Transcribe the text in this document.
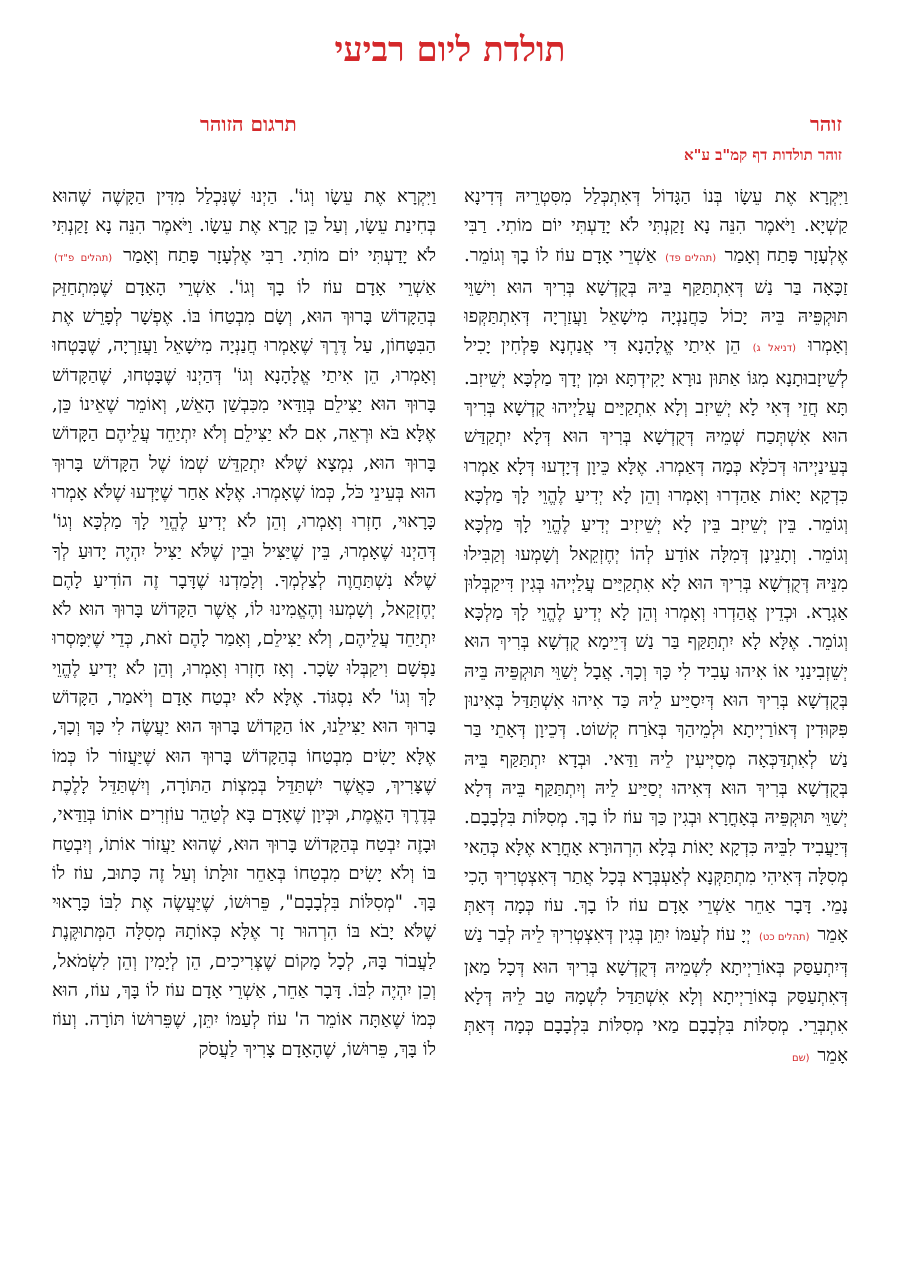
תולדת ליום רביעי
זוהר
תרגום הזוהר
זוהר תולדות דף קמ"ב ע"א

וַיִּקְרָא אֶת עֵשָׂו בְּנוֹ הַגָּדוֹל דְּאִתְכְּלַל מִסִּטְרֵיהּ דְּדִינָא קַשְׁיָא. וַיֹּאמֶר הִנֵּה נָא זָקַנְתִּי לֹא יָדַעְתִּי יוֹם מוֹתִי. רַבִּי אֶלְעָזָר פָּתַח וְאָמַר (תהלים פד) אַשְׁרֵי אָדָם עוֹז לוֹ בָךְ וְגוֹמֵר. זַכָּאָה בַּר נַשׁ דְּאִתְתַּקַּף בֵּיהּ בְּקֻדְשָׁא בְּרִיךְ הוּא וִישַׁוֵּי תּוּקְפֵּיהּ בֵּיהּ יָכוֹל כַּחֲנַנְיָה מִישָׁאֵל וַעֲזַרְיָה דְּאִתְתַּקְּפוּ וְאָמְרוּ (דניאל ג) הֵן אִיתַי אֱלָהָנָא דִּי אֲנַחְנָא פָּלְחִין יָכִיל לְשֵׁיזָבוּתָנָא מִגּוֹ אַתּוּן נוּרָא יָקִידְתָּא וּמִן יְדָךְ מַלְכָּא יְשֵׁיזִב. תָּא חֲזֵי דְּאִי לָא יְשֵׁיזִב וְלָא אִתְקַיַּים עֲלַיְיהוּ קֻדְשָׁא בְּרִיךְ הוּא אִשְׁתְּכַח שְׁמֵיהּ דְּקֻדְשָׁא בְּרִיךְ הוּא דְּלָא יִתְקַדַּשׁ בְּעֵינַיְיהוּ דְּכֹלָּא כְּמָה דְּאַמְרוּ. אֶלָּא כֵּיוָן דְּיָדְעוּ דְּלָא אַמְרוּ כִּדְקָא יָאוֹת אַהַדְרוּ וְאָמְרוּ וְהֵן לָא יְדִיעַ לֶהֱוֵי לָךְ מַלְכָּא וְגוֹמֵר. בֵּין יְשֵׁיזִב בֵּין לָא יְשֵׁיזִיב יְדִיעַ לֶהֱוֵי לָךְ מַלְכָּא וְגוֹמֵר. וְתָנֵינָן דְּמִלָּה אוֹדַע לְהוֹ יְחֶזְקֵאל וְשָׁמְעוּ וְקַבִּילוּ מִנֵּיהּ דְּקֻדְשָׁא בְּרִיךְ הוּא לָא אִתְקַיַּים עֲלַיְיהוּ בְּגִין דִּיקַבְּלוּן אַגְרָא. וּכְדֵין אֲהַדְרוּ וְאָמְרוּ וְהֵן לָא יְדִיעַ לֶהֱוֵי לָךְ מַלְכָּא וְגוֹמֵר. אֶלָּא לָא יִתְתַּקַּף בַּר נַשׁ דְּיֵימָא קֻדְשָׁא בְּרִיךְ הוּא יְשֵׁזְבִינַנִי אוֹ אִיהוּ עָבִיד לִי כָּךְ וְכָךְ. אֲבָל יְשַׁוֵּי תּוּקְפֵּיהּ בֵּיהּ בְּקֻדְשָׁא בְּרִיךְ הוּא דְּיִסַיַּיע לֵיהּ כַּד אִיהוּ אִשְׁתַּדַּל בְּאִינוּן פִּקּוּדִין דְּאוֹרַיְיתָא וּלְמֵיהַךְ בְּאֹרַח קְשׁוֹט. דְּכֵיוָן דְּאָתֵי בַּר נַשׁ לְאִתְדַּכְּאָה מְסַיְּיעִין לֵיהּ וַדַּאי. וּבְדָא יִתְתַּקַּף בֵּיהּ בְּקֻדְשָׁא בְּרִיךְ הוּא דְּאִיהוּ יְסַיַּיע לֵיהּ וְיִתְתַּקַּף בֵּיהּ דְּלָא יְשַׁוֵּי תּוּקְפֵּיהּ בְּאָחֳרָא וּבְגִין כַּךְ עוֹז לוֹ בָךְ. מְסִלּוֹת בִּלְבָבָם. דְּיַעֲבִיד לִבֵּיהּ כִּדְקָא יָאוֹת בְּלָא הִרְהוּרָא אָחֳרָא אֶלָּא כְּהַאי מְסִלָּה דְּאִיהִי מִתְתַּקְּנָא לְאַעְבְּרָא בְּכָל אֲתַר דְּאִצְטְרִיךְ הָכִי נָמֵי. דָּבָר אַחֵר אַשְׁרֵי אָדָם עוֹז לוֹ בָךְ. עוֹז כְּמָה דְּאַתְּ אָמֵר (תהלים כט) יְיָ עוֹז לְעַמּוֹ יִתֵּן בְּגִין דְּאִצְטְרִיךְ לֵיהּ לְבַר נַשׁ דְּיִתְעַסַּק בְּאוֹרַיְיתָא לִשְׁמֵיהּ דְּקֻדְשָׁא בְּרִיךְ הוּא דְּכָל מַאן דְּאִתְעַסַּק בְּאוֹרַיְיתָא וְלָא אִשְׁתַּדַּל לִשְׁמָהּ טַב לֵיהּ דְּלָא אִתְבְּרֵי. מְסִלּוֹת בִּלְבָבָם מַאי מְסִלּוֹת בִּלְבָבָם כְּמָה דְּאַתְּ אָמֵר (שם

וַיִּקְרָא אֶת עֵשָׂו וְגוֹ'. הַיְנוּ שֶׁנִּכְלַל מִדִּין הַקָּשֶׁה שֶׁהוּא בְּחִינַת עֵשָׂו, וְעַל כֵּן קָרָא אֶת עֵשָׂו. וַיֹּאמֶר הִנֵּה נָא זָקַנְתִּי לֹא יָדַעְתִּי יוֹם מוֹתִי. רַבִּי אֶלְעָזָר פָּתַח וְאָמַר (תהלים פ"ד) אַשְׁרֵי אָדָם עוֹז לוֹ בָךְ וְגוֹ'. אַשְׁרֵי הָאָדָם שֶׁמִּתְחַזֵּק בְּהַקָּדוֹשׁ בָּרוּךְ הוּא, וְשָׂם מִבְטַחוֹ בּוֹ. אֶפְשָׁר לְפָרֵשׁ אֶת הַבִּטָּחוֹן, עַל דֶּרֶךְ שֶׁאָמְרוּ חֲנַנְיָה מִישָׁאֵל וַעֲזַרְיָה, שֶׁבָּטְחוּ וְאָמְרוּ, הֵן אִיתַי אֱלָהָנָא וְגוֹ' דְּהַיְנוּ שֶׁבָּטְחוּ, שֶׁהַקָּדוֹשׁ בָּרוּךְ הוּא יַצִּילֵם בְּוַדַּאי מִכִּבְשַׁן הָאֵשׁ, וְאוֹמֵר שֶׁאֵינוֹ כֵּן, אֶלָּא בֹּא וּרְאֵה, אִם לֹא יַצִּילֵם וְלֹא יִתְיַחֵד עֲלֵיהֶם הַקָּדוֹשׁ בָּרוּךְ הוּא, נִמְצָא שֶׁלֹּא יִתְקַדֵּשׁ שְׁמוֹ שֶׁל הַקָּדוֹשׁ בָּרוּךְ הוּא בְּעֵינֵי כֹּל, כְּמוֹ שֶׁאָמְרוּ. אֶלָּא אַחַר שֶׁיָּדְעוּ שֶׁלֹּא אָמְרוּ כָּרָאוּי, חָזְרוּ וְאָמְרוּ, וְהֵן לֹא יְדִיעַ לֶהֱוֵי לָךְ מַלְכָּא וְגוֹ' דְּהַיְנוּ שֶׁאָמְרוּ, בֵּין שֶׁיַּצִּיל וּבֵין שֶׁלֹּא יַצִּיל יִהְיֶה יָדוּעַ לְךָ שֶׁלֹּא נִשְׁתַּחֲוֶה לְצַלְמְךָ. וְלָמַדְנוּ שֶׁדָּבָר זֶה הוֹדִיעַ לָהֶם יְחֶזְקֵאל, וְשָׁמְעוּ וְהֶאֱמִינוּ לוֹ, אֲשֶׁר הַקָּדוֹשׁ בָּרוּךְ הוּא לֹא יִתְיַחֵד עֲלֵיהֶם, וְלֹא יַצִּילֵם, וְאָמַר לָהֶם זֹאת, כְּדֵי שֶׁיִּמָּסְרוּ נַפְשָׁם וִיקַבְּלוּ שָׂכָר. וְאָז חָזְרוּ וְאָמְרוּ, וְהֵן לֹא יְדִיעַ לֶהֱוֵי לָךְ וְגוֹ' לֹא נִסְגּוֹד. אֶלָּא לֹא יִבְטַח אָדָם וְיֹאמַר, הַקָּדוֹשׁ בָּרוּךְ הוּא יַצִּילֵנוּ, אוֹ הַקָּדוֹשׁ בָּרוּךְ הוּא יַעֲשֶׂה לִי כָּךְ וְכָךְ, אֶלָּא יָשִׂים מִבְטַחוֹ בְּהַקָּדוֹשׁ בָּרוּךְ הוּא שֶׁיַּעֲזוֹר לוֹ כְּמוֹ שֶׁצָּרִיךְ, כַּאֲשֶׁר יִשְׁתַּדֵּל בְּמִצְוֹת הַתּוֹרָה, וְיִשְׁתַּדֵּל לָלֶכֶת בְּדֶרֶךְ הָאֱמֶת, וּכְּיוָן שֶׁאָדָם בָּא לְטַהֵר עוֹזְרִים אוֹתוֹ בְּוַדַּאי, וּבָזֶה יִבְטַח בְּהַקָּדוֹשׁ בָּרוּךְ הוּא, שֶׁהוּא יַעֲזוֹר אוֹתוֹ, וְיִבְטַח בּוֹ וְלֹא יָשִׂים מִבְטַחוֹ בְּאַחֵר זוּלָתוֹ וְעַל זֶה כָּתוּב, עוֹז לוֹ בָּךְ. "מְסִלּוֹת בִּלְבָבָם", פֵּרוּשׁוֹ, שֶׁיַּעֲשֶׂה אֶת לִבּוֹ כָּרָאוּי שֶׁלֹּא יָבֹא בּוֹ הִרְהוּר זָר אֶלָּא כְּאוֹתָהּ מְסִלָּה הַמְּתוּקֶּנֶת לַעֲבוֹר בָּהּ, לְכָל מָקוֹם שֶׁצְּרִיכִים, הֵן לְיָמִין וְהֵן לִשְׂמֹאל, וְכֵן יִהְיֶה לִבּוֹ. דָּבָר אַחֵר, אַשְׁרֵי אָדָם עוֹז לוֹ בָּךְ, עוֹז, הוּא כְּמוֹ שֶׁאַתָּה אוֹמֵר ה' עוֹז לְעַמּוֹ יִתֵּן, שֶׁפֵּרוּשׁוֹ תּוֹרָה. וְעוֹז לוֹ בָּךְ, פֵּרוּשׁוֹ, שֶׁהָאָדָם צָרִיךְ לַעֲסֹק
